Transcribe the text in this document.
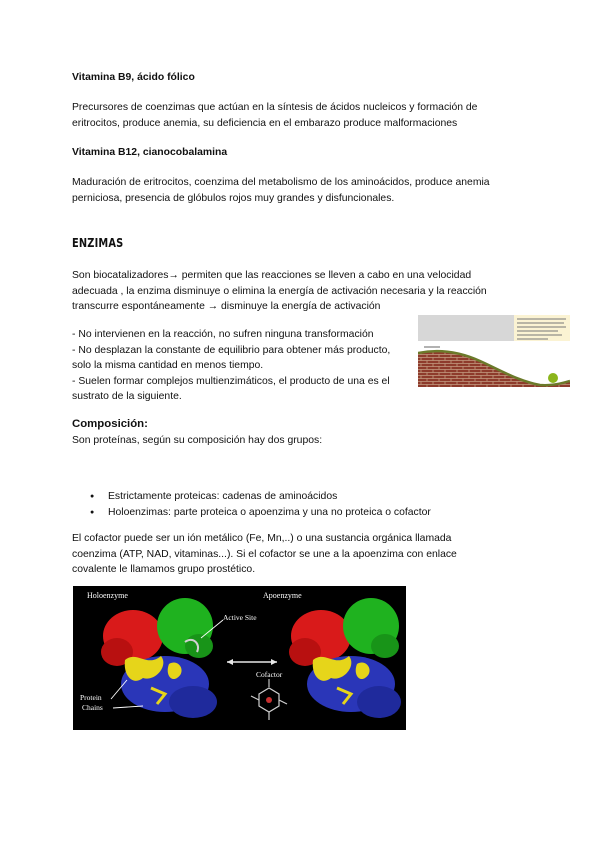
Vitamina B9, ácido fólico
Precursores de coenzimas que actúan en la síntesis de ácidos nucleicos y formación de
eritrocitos, produce anemia, su deficiencia en el embarazo produce malformaciones
Vitamina B12, cianocobalamina
Maduración de eritrocitos, coenzima del metabolismo de los aminoácidos, produce anemia
perniciosa, presencia de glóbulos rojos muy grandes y disfuncionales.
ENZIMAS
Son biocatalizadores→ permiten que las reacciones se lleven a cabo en una velocidad
adecuada , la enzima disminuye o elimina la energía de activación necesaria y la reacción
transcurre espontáneamente → disminuye la energía de activación
- No intervienen en la reacción, no sufren ninguna transformación
- No desplazan la constante de equilibrio para obtener más producto,
solo la misma cantidad en menos tiempo.
- Suelen formar complejos multienzimáticos, el producto de una es el
sustrato de la siguiente.
Composición:
Son proteínas, según su composición hay dos grupos:
● Estrictamente proteicas: cadenas de aminoácidos
● Holoenzimas: parte proteica o apoenzima y una no proteica o cofactor
El cofactor puede ser un ión metálico (Fe, Mn,..) o una sustancia orgánica llamada
coenzima (ATP, NAD, vitaminas...). Si el cofactor se une a la apoenzima con enlace
covalente le llamamos grupo prostético.
Holoenzyme	Apoenzyme
Active Site
Cofactor
Protein
Chains
